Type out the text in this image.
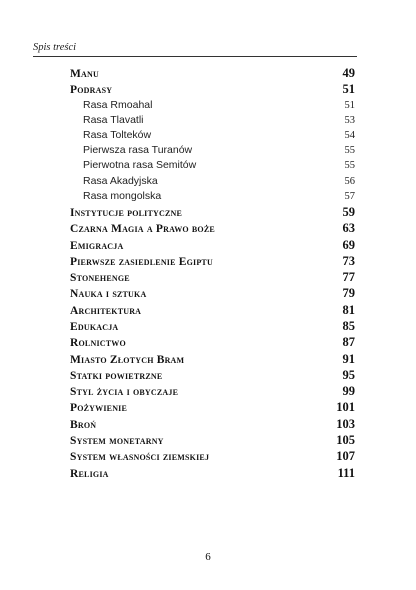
Spis treści
Manu	49
Podrasy	51
Rasa Rmoahal	51
Rasa Tlavatli	53
Rasa Tolteków	54
Pierwsza rasa Turanów	55
Pierwotna rasa Semitów	55
Rasa Akadyjska	56
Rasa mongolska	57
Instytucje polityczne	59
Czarna Magia a Prawo boże	63
Emigracja	69
Pierwsze zasiedlenie Egiptu	73
Stonehenge	77
Nauka i sztuka	79
Architektura	81
Edukacja	85
Rolnictwo	87
Miasto Złotych Bram	91
Statki powietrzne	95
Styl życia i obyczaje	99
Pożywienie	101
Broń	103
System monetarny	105
System własności ziemskiej	107
Religia	111
6
